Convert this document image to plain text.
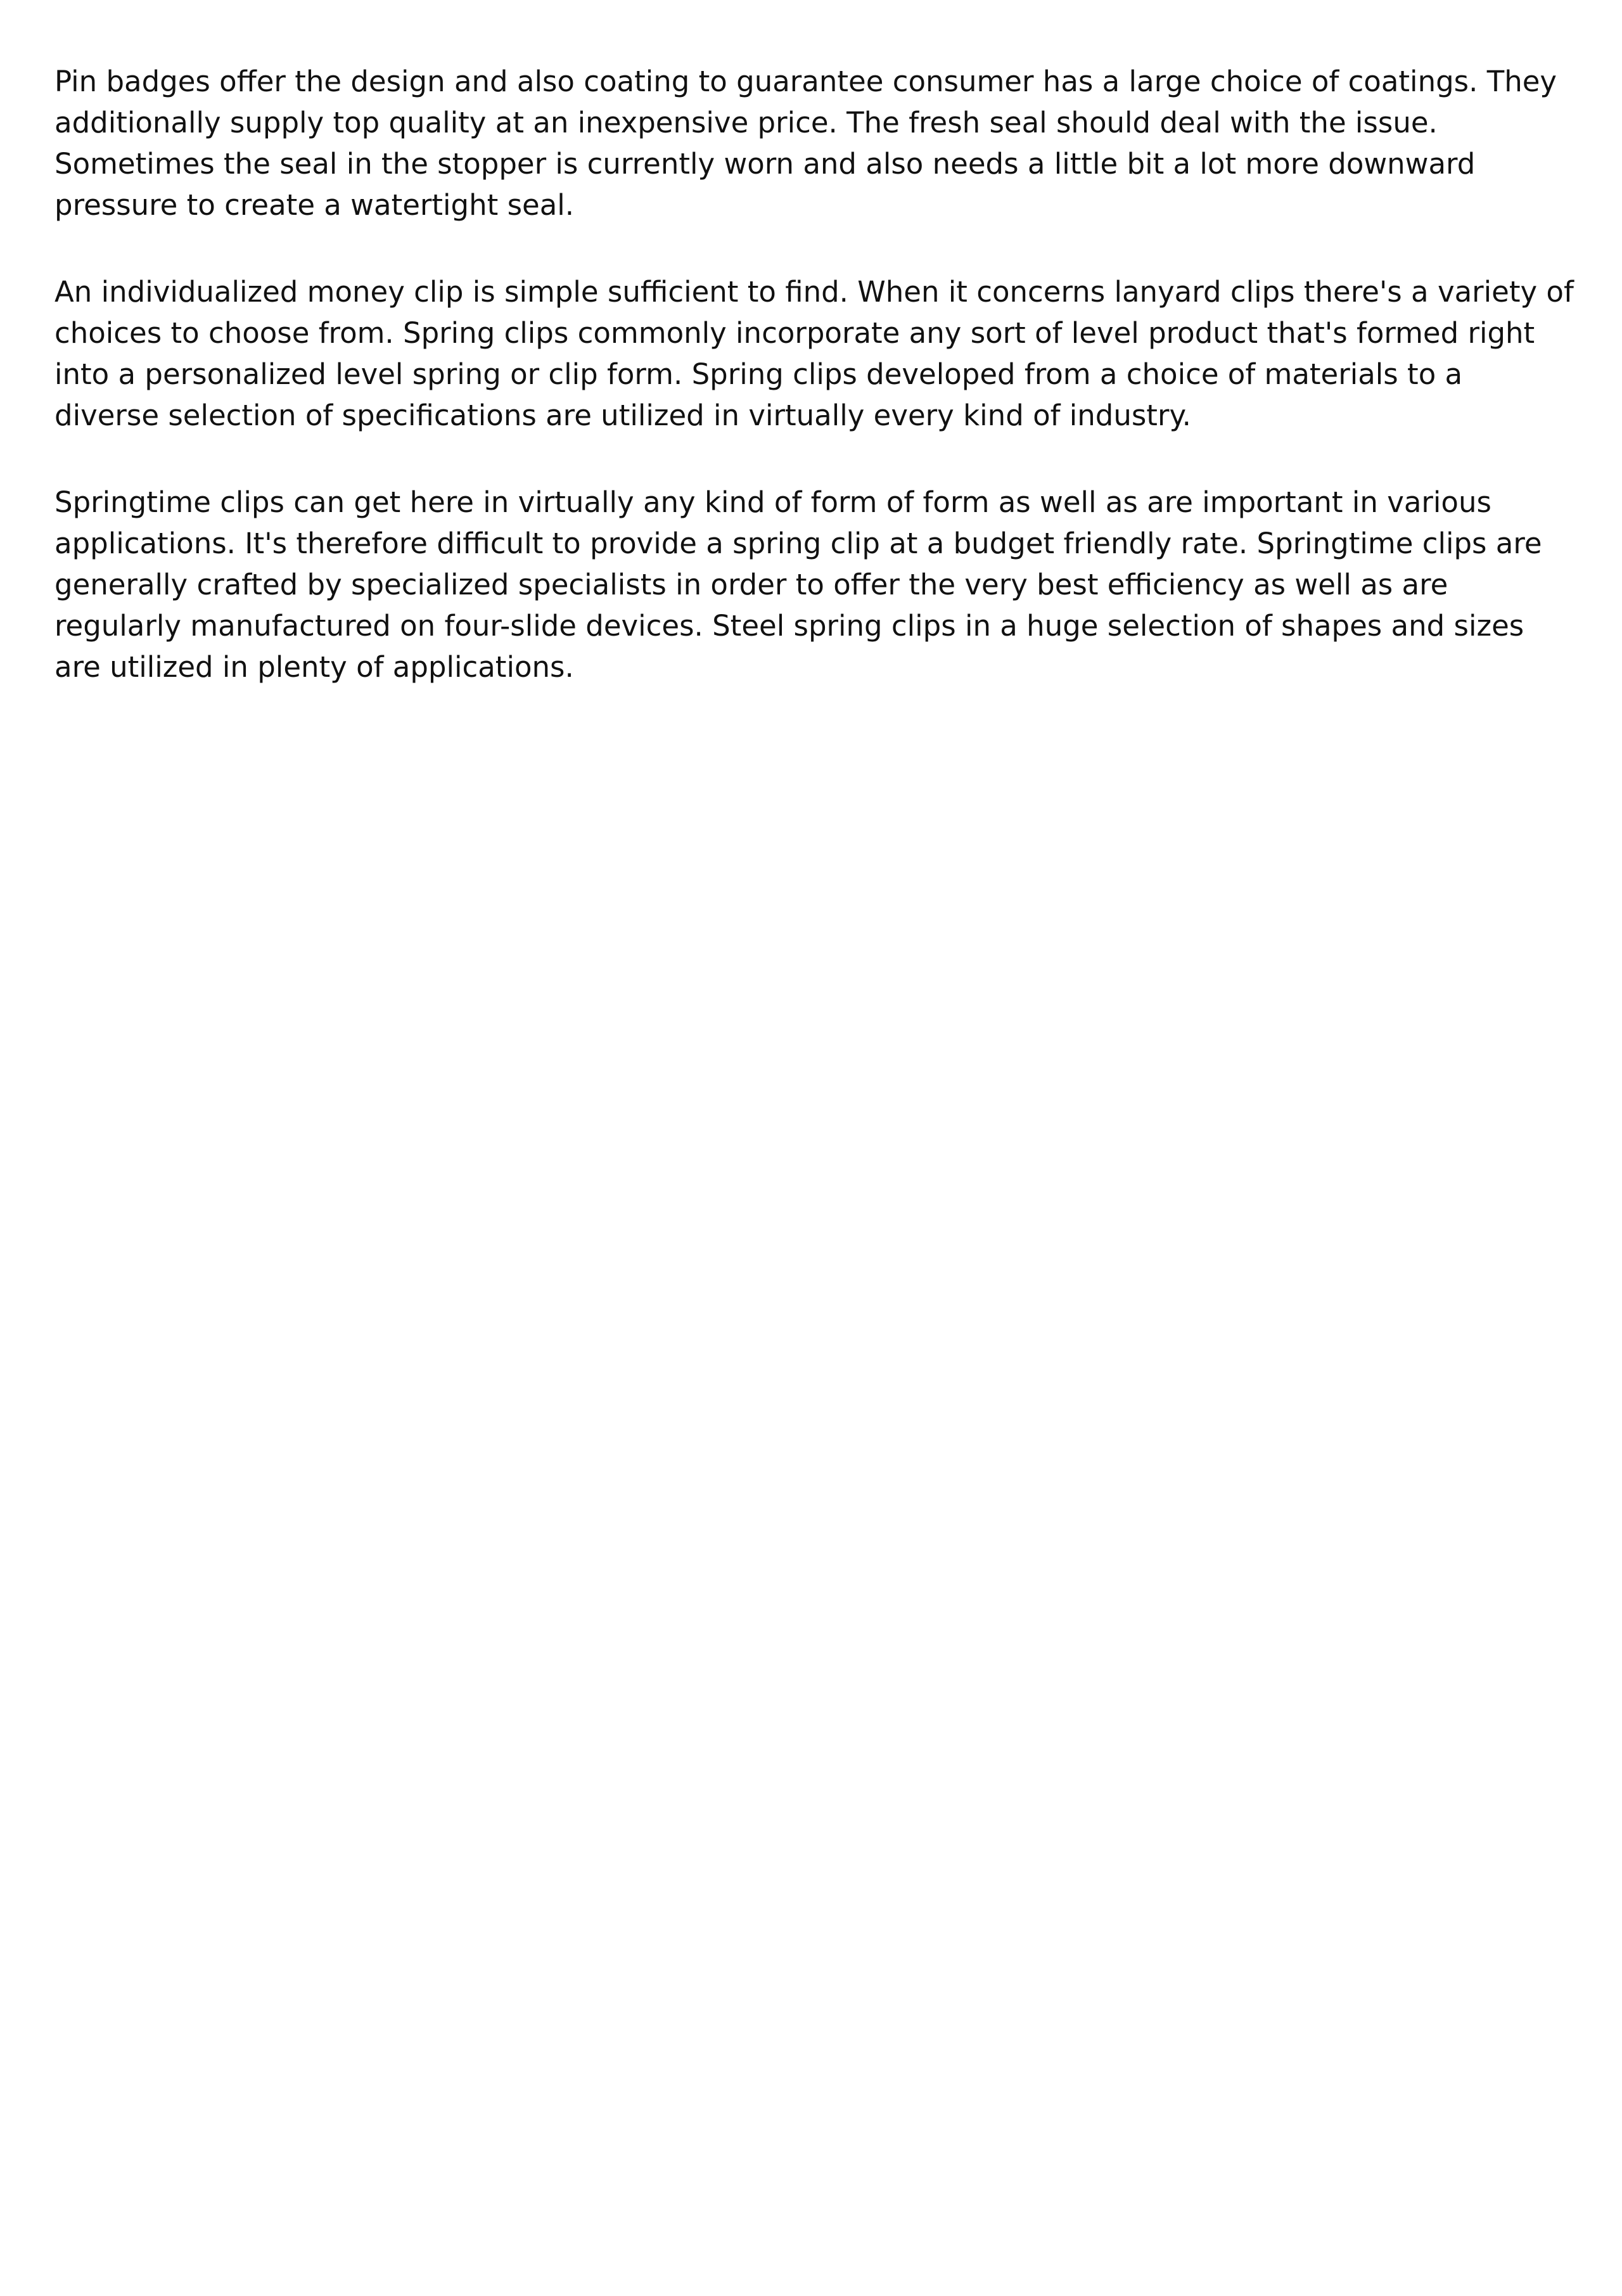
Pin badges offer the design and also coating to guarantee consumer has a large choice of coatings. They additionally supply top quality at an inexpensive price. The fresh seal should deal with the issue. Sometimes the seal in the stopper is currently worn and also needs a little bit a lot more downward pressure to create a watertight seal.

An individualized money clip is simple sufficient to find. When it concerns lanyard clips there's a variety of choices to choose from. Spring clips commonly incorporate any sort of level product that's formed right into a personalized level spring or clip form. Spring clips developed from a choice of materials to a diverse selection of specifications are utilized in virtually every kind of industry.

Springtime clips can get here in virtually any kind of form of form as well as are important in various applications. It's therefore difficult to provide a spring clip at a budget friendly rate. Springtime clips are generally crafted by specialized specialists in order to offer the very best efficiency as well as are regularly manufactured on four-slide devices. Steel spring clips in a huge selection of shapes and sizes are utilized in plenty of applications.
